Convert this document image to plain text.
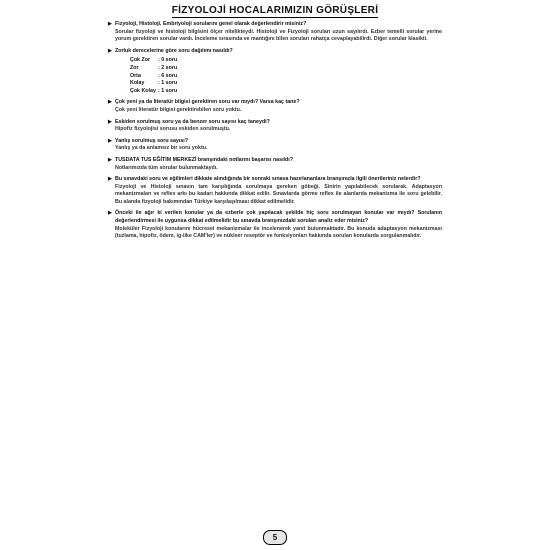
FİZYOLOJİ HOCALARIMIZIN GÖRÜŞLERİ
▶ Fizyoloji, Histoloji, Embriyoloji sorularını genel olarak değerlendirir misiniz?
Sorular fizyoloji ve histoloji bilgisini ölçer nitelikteydi. Histoloji ve Fizyoloji soruları uzun sayılırdı. Ezber temelli sorular yerine yorum gerektiren sorular vardı. İnceleme sırasında ve mantığını bilen soruları rahatça cevaplayabilirdi. Diğer sorular klasikti.
▶ Zorluk derecelerine göre soru dağılımı nasıldı?
Çok Zor	: 0 soru
Zor	: 2 soru
Orta	: 6 soru
Kolay	: 1 soru
Çok Kolay : 1 soru
▶ Çok yeni ya da literatür bilgisi gerektiren soru var mıydı? Varsa kaç tane?
Çok yeni literatür bilgisi gerektirebilen soru yoktu.
▶ Eskiden sorulmuş soru ya da benzer soru sayısı kaç taneydi?
Hipofiz fizyolojisi sorusu eskiden sorulmuştu.
▶ Yanlış sorulmuş soru sayısı?
Yanlış ya da anlamsız bir soru yoktu.
▶ TUSDATA TUS EĞİTİM MERKEZİ branşındaki notlarını başarısı nasıldı?
Notlarımızda tüm sorular bulunmaktaydı.
▶ Bu sınavdaki soru ve eğilimleri dikkate alındığında bir sonraki sınava hazırlananlara branşınızla ilgili önerileriniz nelerdir?
Fizyoloji ve Histoloji sınavın tam karşılığında sorulmaya gereken göbeği. Sinirin yapılabilecek sorularak. Adaptasyon mekanizmaları ve reflex arkı bu kadarı hakkında dikkat edilir. Sınavlarda görme reflex ile alanlarda mekanizma ile soru gelebilir. Bu alanda fizyoloji bakımından Türkiye karşılaşılması dikkat edilmelidir.
▶ Önceki ile ağır ki verilen konular ya da ezberle çok yapılacak şekilde hiç soru sorulmayan konular var mıydı? Sorulanın değerlendirmesi ile uygunsa dikkat edilmelidir bu sınavda branşınızdaki soruları analiz eder misiniz?
Moleküler Fizyoloji konularını hücresel mekanizmalar ile incelenerek yanıt bulunmaktadır. Bu konuda adaptasyon mekanizması (tuzlama, hipofiz, ödem, ig-like CAM'ler) ve nükleer reseptör ve fonksiyonları hakkında sorulan konularda sorgulanmalıdır.
5
